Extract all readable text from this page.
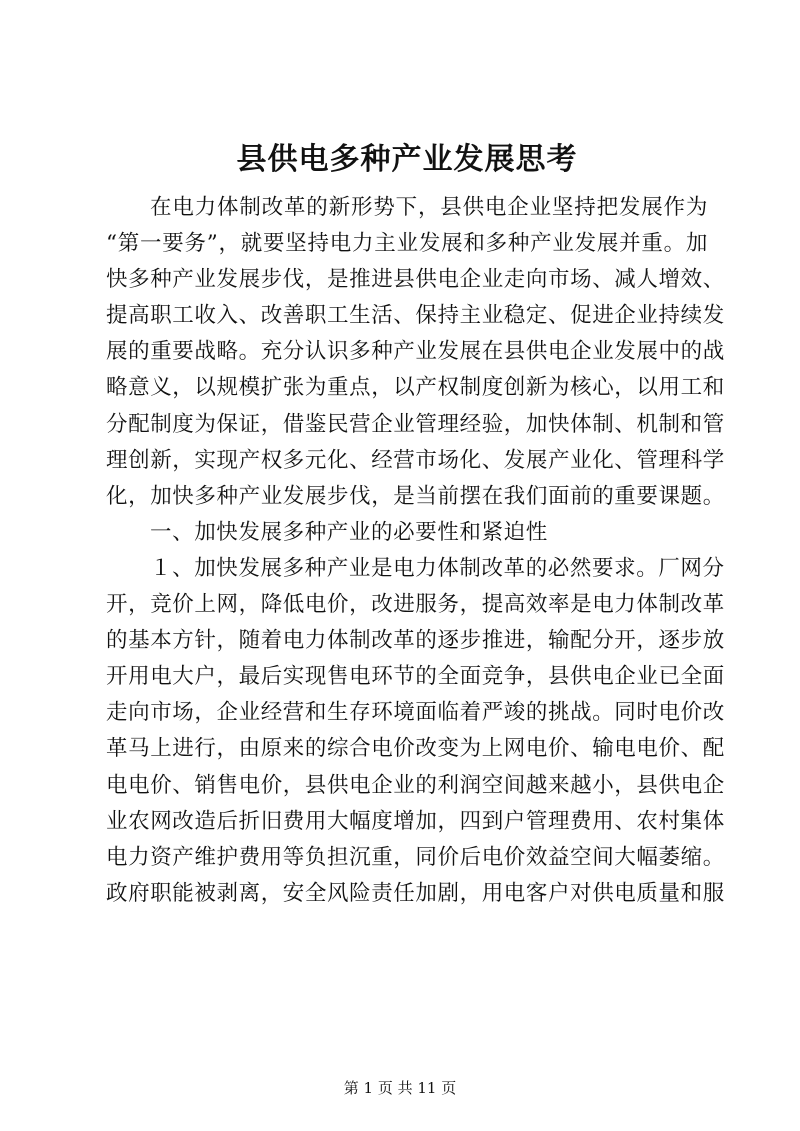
县供电多种产业发展思考

在电力体制改革的新形势下，县供电企业坚持把发展作为

“第一要务”，就要坚持电力主业发展和多种产业发展并重。加

快多种产业发展步伐，是推进县供电企业走向市场、减人增效、

提高职工收入、改善职工生活、保持主业稳定、促进企业持续发

展的重要战略。充分认识多种产业发展在县供电企业发展中的战

略意义，以规模扩张为重点，以产权制度创新为核心，以用工和

分配制度为保证，借鉴民营企业管理经验，加快体制、机制和管

理创新，实现产权多元化、经营市场化、发展产业化、管理科学

化，加快多种产业发展步伐，是当前摆在我们面前的重要课题。

一、加快发展多种产业的必要性和紧迫性

１、加快发展多种产业是电力体制改革的必然要求。厂网分

开，竞价上网，降低电价，改进服务，提高效率是电力体制改革

的基本方针，随着电力体制改革的逐步推进，输配分开，逐步放

开用电大户，最后实现售电环节的全面竞争，县供电企业已全面

走向市场，企业经营和生存环境面临着严竣的挑战。同时电价改

革马上进行，由原来的综合电价改变为上网电价、输电电价、配

电电价、销售电价，县供电企业的利润空间越来越小，县供电企

业农网改造后折旧费用大幅度增加，四到户管理费用、农村集体

电力资产维护费用等负担沉重，同价后电价效益空间大幅萎缩。

政府职能被剥离，安全风险责任加剧，用电客户对供电质量和服

第 1 页 共 11 页
